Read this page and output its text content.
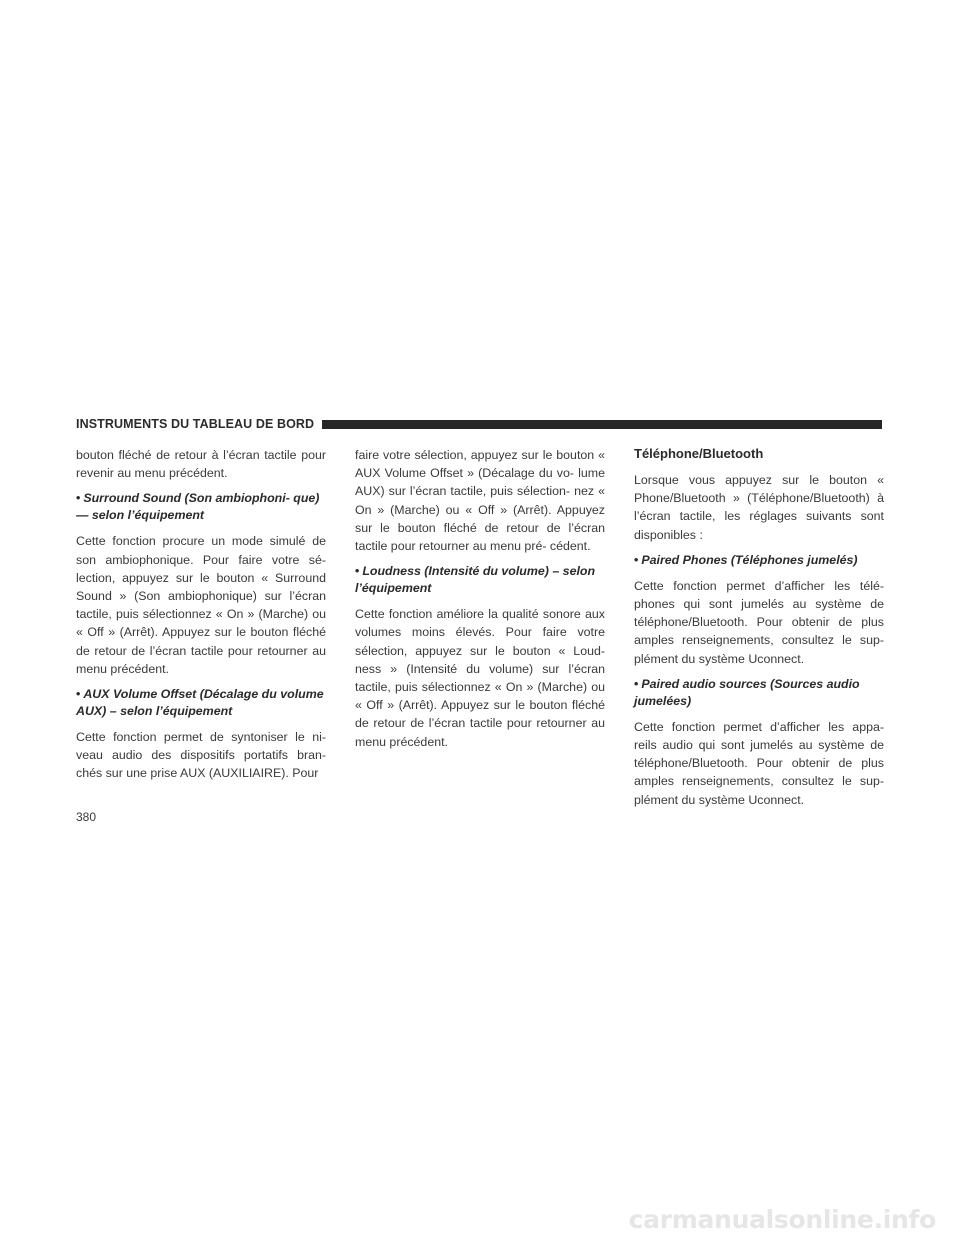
INSTRUMENTS DU TABLEAU DE BORD

bouton fléché de retour à l’écran tactile pour revenir au menu précédent.

• Surround Sound (Son ambiophoni- que) — selon l’équipement

Cette fonction procure un mode simulé de son ambiophonique. Pour faire votre sé- lection, appuyez sur le bouton « Surround Sound » (Son ambiophonique) sur l’écran tactile, puis sélectionnez « On » (Marche) ou « Off » (Arrêt). Appuyez sur le bouton fléché de retour de l’écran tactile pour retourner au menu précédent.

• AUX Volume Offset (Décalage du volume AUX) – selon l’équipement

Cette fonction permet de syntoniser le ni- veau audio des dispositifs portatifs bran- chés sur une prise AUX (AUXILIAIRE). Pour

faire votre sélection, appuyez sur le bouton « AUX Volume Offset » (Décalage du vo- lume AUX) sur l’écran tactile, puis sélection- nez « On » (Marche) ou « Off » (Arrêt). Appuyez sur le bouton fléché de retour de l’écran tactile pour retourner au menu pré- cédent.

• Loudness (Intensité du volume) – selon l’équipement

Cette fonction améliore la qualité sonore aux volumes moins élevés. Pour faire votre sélection, appuyez sur le bouton « Loud- ness » (Intensité du volume) sur l’écran tactile, puis sélectionnez « On » (Marche) ou « Off » (Arrêt). Appuyez sur le bouton fléché de retour de l’écran tactile pour retourner au menu précédent.

Téléphone/Bluetooth

Lorsque vous appuyez sur le bouton « Phone/Bluetooth » (Téléphone/Bluetooth) à l’écran tactile, les réglages suivants sont disponibles :

• Paired Phones (Téléphones jumelés)

Cette fonction permet d’afficher les télé- phones qui sont jumelés au système de téléphone/Bluetooth. Pour obtenir de plus amples renseignements, consultez le sup- plément du système Uconnect.

• Paired audio sources (Sources audio jumelées)

Cette fonction permet d’afficher les appa- reils audio qui sont jumelés au système de téléphone/Bluetooth. Pour obtenir de plus amples renseignements, consultez le sup- plément du système Uconnect.

380
carmanualsonline.info
